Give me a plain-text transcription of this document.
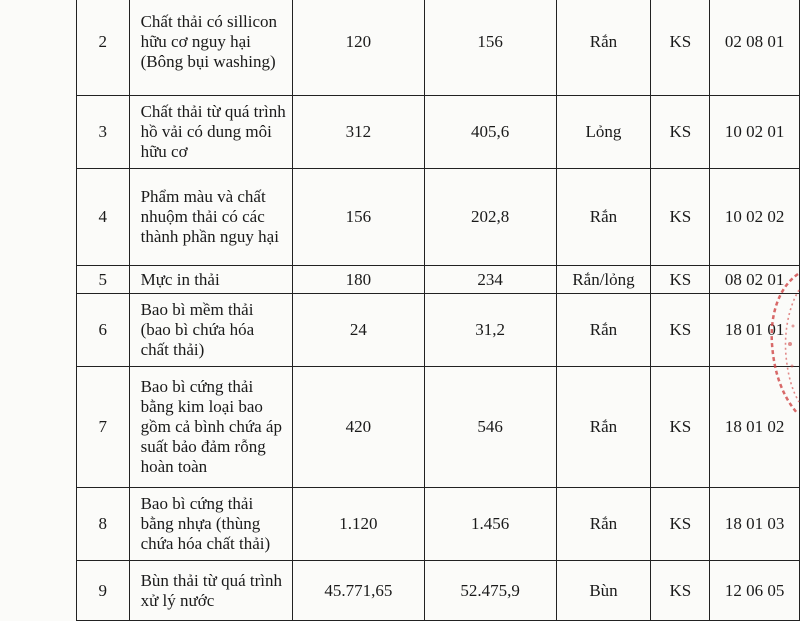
2	Chất thải có sillicon hữu cơ nguy hại (Bông bụi washing)	120	156	Rắn	KS	02 08 01
3	Chất thải từ quá trình hồ vải có dung môi hữu cơ	312	405,6	Lỏng	KS	10 02 01
4	Phẩm màu và chất nhuộm thải có các thành phần nguy hại	156	202,8	Rắn	KS	10 02 02
5	Mực in thải	180	234	Rắn/lỏng	KS	08 02 01
6	Bao bì mềm thải (bao bì chứa hóa chất thải)	24	31,2	Rắn	KS	18 01 01
7	Bao bì cứng thải bằng kim loại bao gồm cả bình chứa áp suất bảo đảm rỗng hoàn toàn	420	546	Rắn	KS	18 01 02
8	Bao bì cứng thải bằng nhựa (thùng chứa hóa chất thải)	1.120	1.456	Rắn	KS	18 01 03
9	Bùn thải từ quá trình xử lý nước	45.771,65	52.475,9	Bùn	KS	12 06 05
